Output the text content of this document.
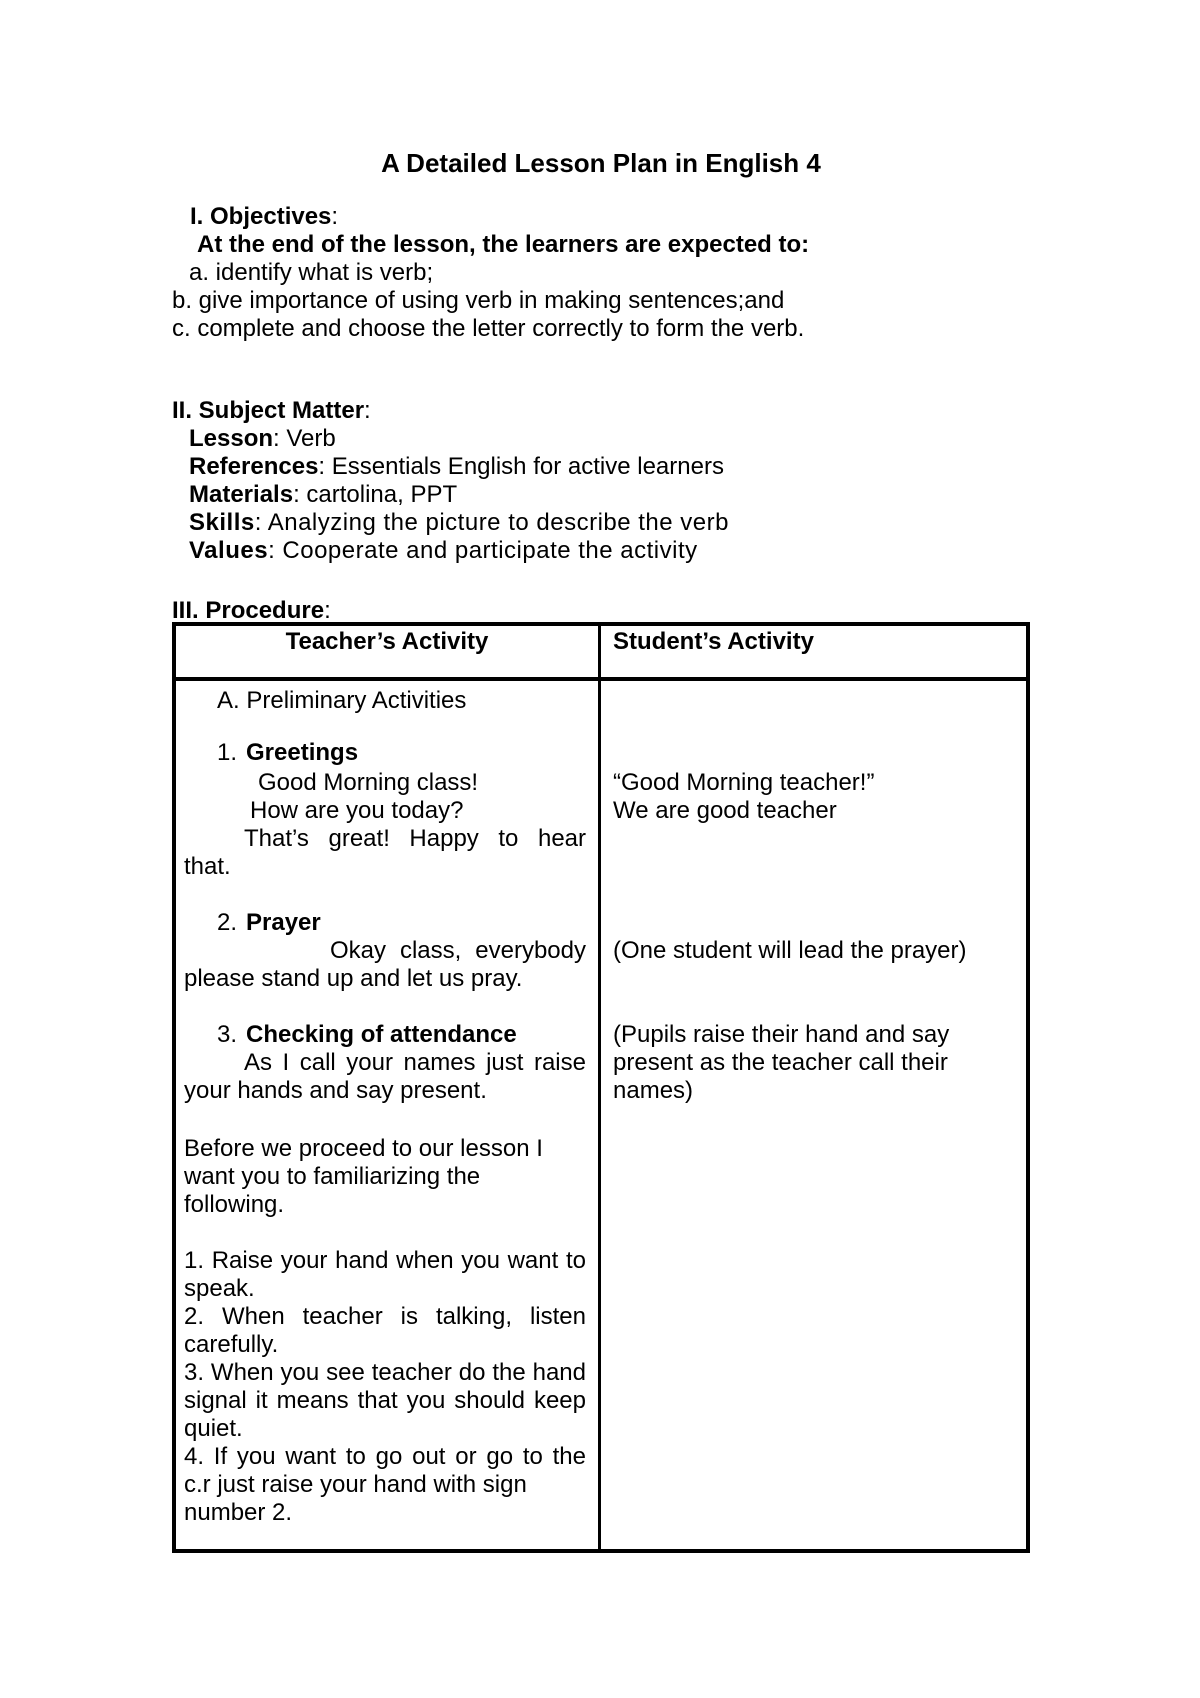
A Detailed Lesson Plan in English 4
I. Objectives:
At the end of the lesson, the learners are expected to:
a. identify what is verb;
b. give importance of using verb in making sentences;and
c. complete and choose the letter correctly to form the verb.
II. Subject Matter:
Lesson: Verb
References: Essentials English for active learners
Materials: cartolina, PPT
Skills: Analyzing the picture to describe the verb
Values: Cooperate and participate the activity
III. Procedure:
Teacher’s Activity	Student’s Activity
A. Preliminary Activities
1. Greetings
Good Morning class!
How are you today?
That’s great! Happy to hear
that.
2. Prayer
Okay class, everybody
please stand up and let us pray.
3. Checking of attendance
As I call your names just raise
your hands and say present.
Before we proceed to our lesson I
want you to familiarizing the
following.
1. Raise your hand when you want to
speak.
2. When teacher is talking, listen
carefully.
3. When you see teacher do the hand
signal it means that you should keep
quiet.
4. If you want to go out or go to the
c.r just raise your hand with sign
number 2.
“Good Morning teacher!”
We are good teacher
(One student will lead the prayer)
(Pupils raise their hand and say
present as the teacher call their
names)
